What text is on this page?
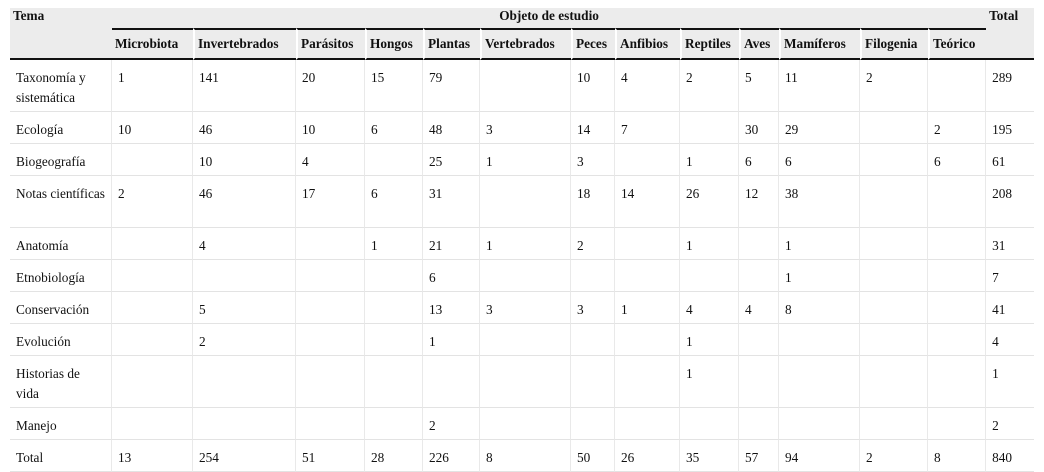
Tema	Objeto de estudio													Total
	Microbiota	Invertebrados	Parásitos	Hongos	Plantas	Vertebrados	Peces	Anfibios	Reptiles	Aves	Mamíferos	Filogenia	Teórico	
Taxonomía y sistemática	1	141	20	15	79		10	4	2	5	11	2		289
Ecología	10	46	10	6	48	3	14	7		30	29		2	195
Biogeografía		10	4		25	1	3		1	6	6		6	61
Notas científicas	2	46	17	6	31		18	14	26	12	38			208
Anatomía		4		1	21	1	2		1		1			31
Etnobiología					6						1			7
Conservación		5			13	3	3	1	4	4	8			41
Evolución		2			1				1					4
Historias de vida									1					1
Manejo					2									2
Total	13	254	51	28	226	8	50	26	35	57	94	2	8	840
